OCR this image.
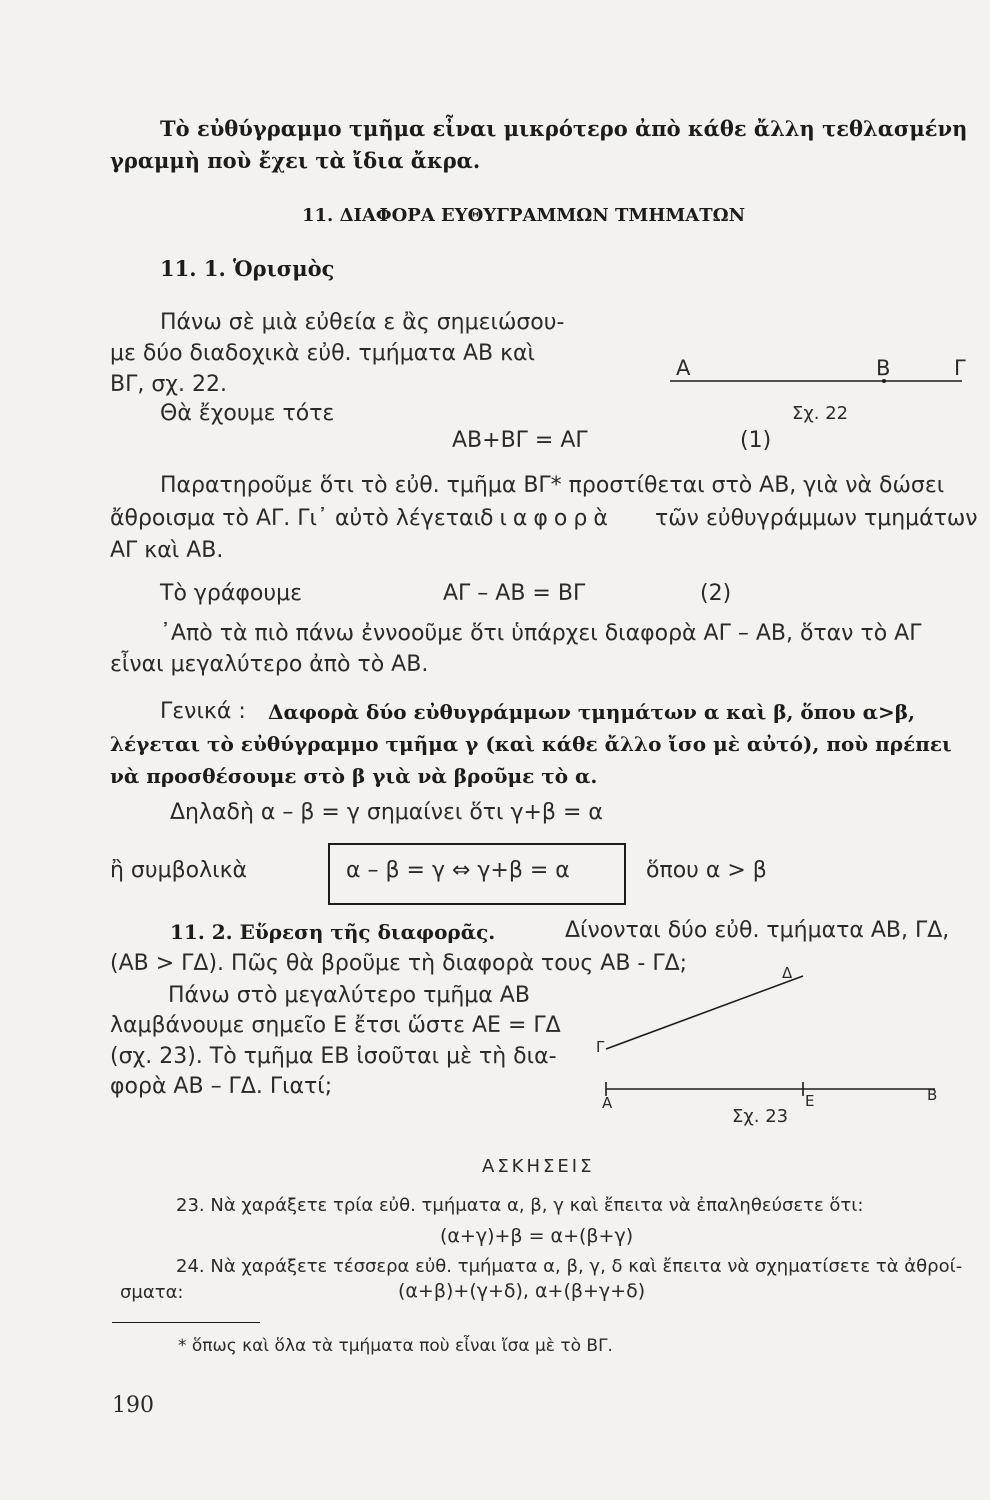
Τὸ εὐθύγραμμο τμῆμα εἶναι μικρότερο ἀπὸ κάθε ἄλλη τεθλασμένη
γραμμὴ ποὺ ἔχει τὰ ἴδια ἄκρα.
11. ΔΙΑΦΟΡΑ ΕΥΘΥΓΡΑΜΜΩΝ ΤΜΗΜΑΤΩΝ
11. 1. Ὁρισμὸς
Πάνω σὲ μιὰ εὐθεία ε ἂς σημειώσου-
με δύο διαδοχικὰ εὐθ. τμήματα ΑΒ καὶ
ΒΓ, σχ. 22.
Θὰ ἔχουμε τότε
Α	Β	Γ
Σχ. 22
ΑΒ+ΒΓ = ΑΓ	(1)
Παρατηροῦμε ὅτι τὸ εὐθ. τμῆμα ΒΓ* προστίθεται στὸ ΑΒ, γιὰ νὰ δώσει
ἄθροισμα τὸ ΑΓ. Γι᾿ αὐτὸ λέγεται διαφορὰ τῶν εὐθυγράμμων τμημάτων
ΑΓ καὶ ΑΒ.
Τὸ γράφουμε	ΑΓ – ΑΒ = ΒΓ	(2)
᾿Απὸ τὰ πιὸ πάνω ἐννοοῦμε ὅτι ὑπάρχει διαφορὰ ΑΓ – ΑΒ, ὅταν τὸ ΑΓ
εἶναι μεγαλύτερο ἀπὸ τὸ ΑΒ.
Γενικά : Δαφορὰ δύο εὐθυγράμμων τμημάτων α καὶ β, ὅπου α>β,
λέγεται τὸ εὐθύγραμμο τμῆμα γ (καὶ κάθε ἄλλο ἴσο μὲ αὐτό), ποὺ πρέπει
νὰ προσθέσουμε στὸ β γιὰ νὰ βροῦμε τὸ α.
Δηλαδὴ α – β = γ σημαίνει ὅτι γ+β = α
ἢ συμβολικὰ	α – β = γ ⇔ γ+β = α	ὅπου α > β
11. 2. Εὕρεση τῆς διαφορᾶς.	Δίνονται δύο εὐθ. τμήματα ΑΒ, ΓΔ,
(ΑΒ > ΓΔ). Πῶς θὰ βροῦμε τὴ διαφορὰ τους ΑΒ - ΓΔ;
Πάνω στὸ μεγαλύτερο τμῆμα ΑΒ
λαμβάνουμε σημεῖο Ε ἔτσι ὥστε ΑΕ = ΓΔ
(σχ. 23). Τὸ τμῆμα ΕΒ ἰσοῦται μὲ τὴ δια-
φορὰ ΑΒ – ΓΔ. Γιατί;
Δ
Γ
Α	Ε	Β
Σχ. 23
ΑΣΚΗΣΕΙΣ
23. Νὰ χαράξετε τρία εὐθ. τμήματα α, β, γ καὶ ἔπειτα νὰ ἐπαληθεύσετε ὅτι:
(α+γ)+β = α+(β+γ)
24. Νὰ χαράξετε τέσσερα εὐθ. τμήματα α, β, γ, δ καὶ ἔπειτα νὰ σχηματίσετε τὰ ἀθροί-
σματα:	(α+β)+(γ+δ), α+(β+γ+δ)
* ὅπως καὶ ὅλα τὰ τμήματα ποὺ εἶναι ἴσα μὲ τὸ ΒΓ.
190
